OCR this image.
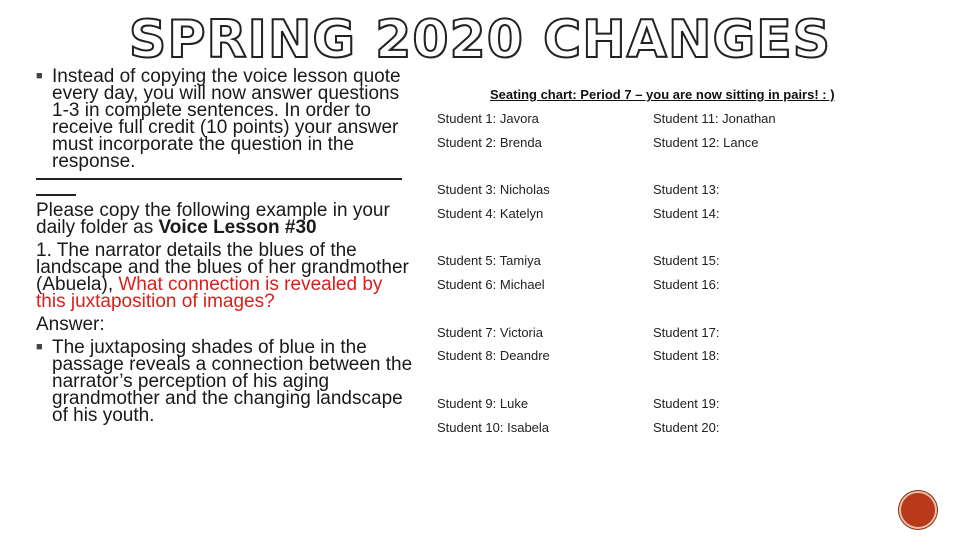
SPRING 2020 CHANGES
■ Instead of copying the voice lesson quote every day, you will now answer questions 1-3 in complete sentences. In order to receive full credit (10 points) your answer must incorporate the question in the response.

Please copy the following example in your daily folder as Voice Lesson #30

1. The narrator details the blues of the landscape and the blues of her grandmother (Abuela), What connection is revealed by this juxtaposition of images?

Answer:

■ The juxtaposing shades of blue in the passage reveals a connection between the narrator’s perception of his aging grandmother and the changing landscape of his youth.

Seating chart: Period 7 – you are now sitting in pairs! : )
Student 1: Javora
Student 2: Brenda
Student 3: Nicholas
Student 4: Katelyn
Student 5: Tamiya
Student 6: Michael
Student 7: Victoria
Student 8: Deandre
Student 9: Luke
Student 10: Isabela
Student 11: Jonathan
Student 12: Lance
Student 13:
Student 14:
Student 15:
Student 16:
Student 17:
Student 18:
Student 19:
Student 20:
